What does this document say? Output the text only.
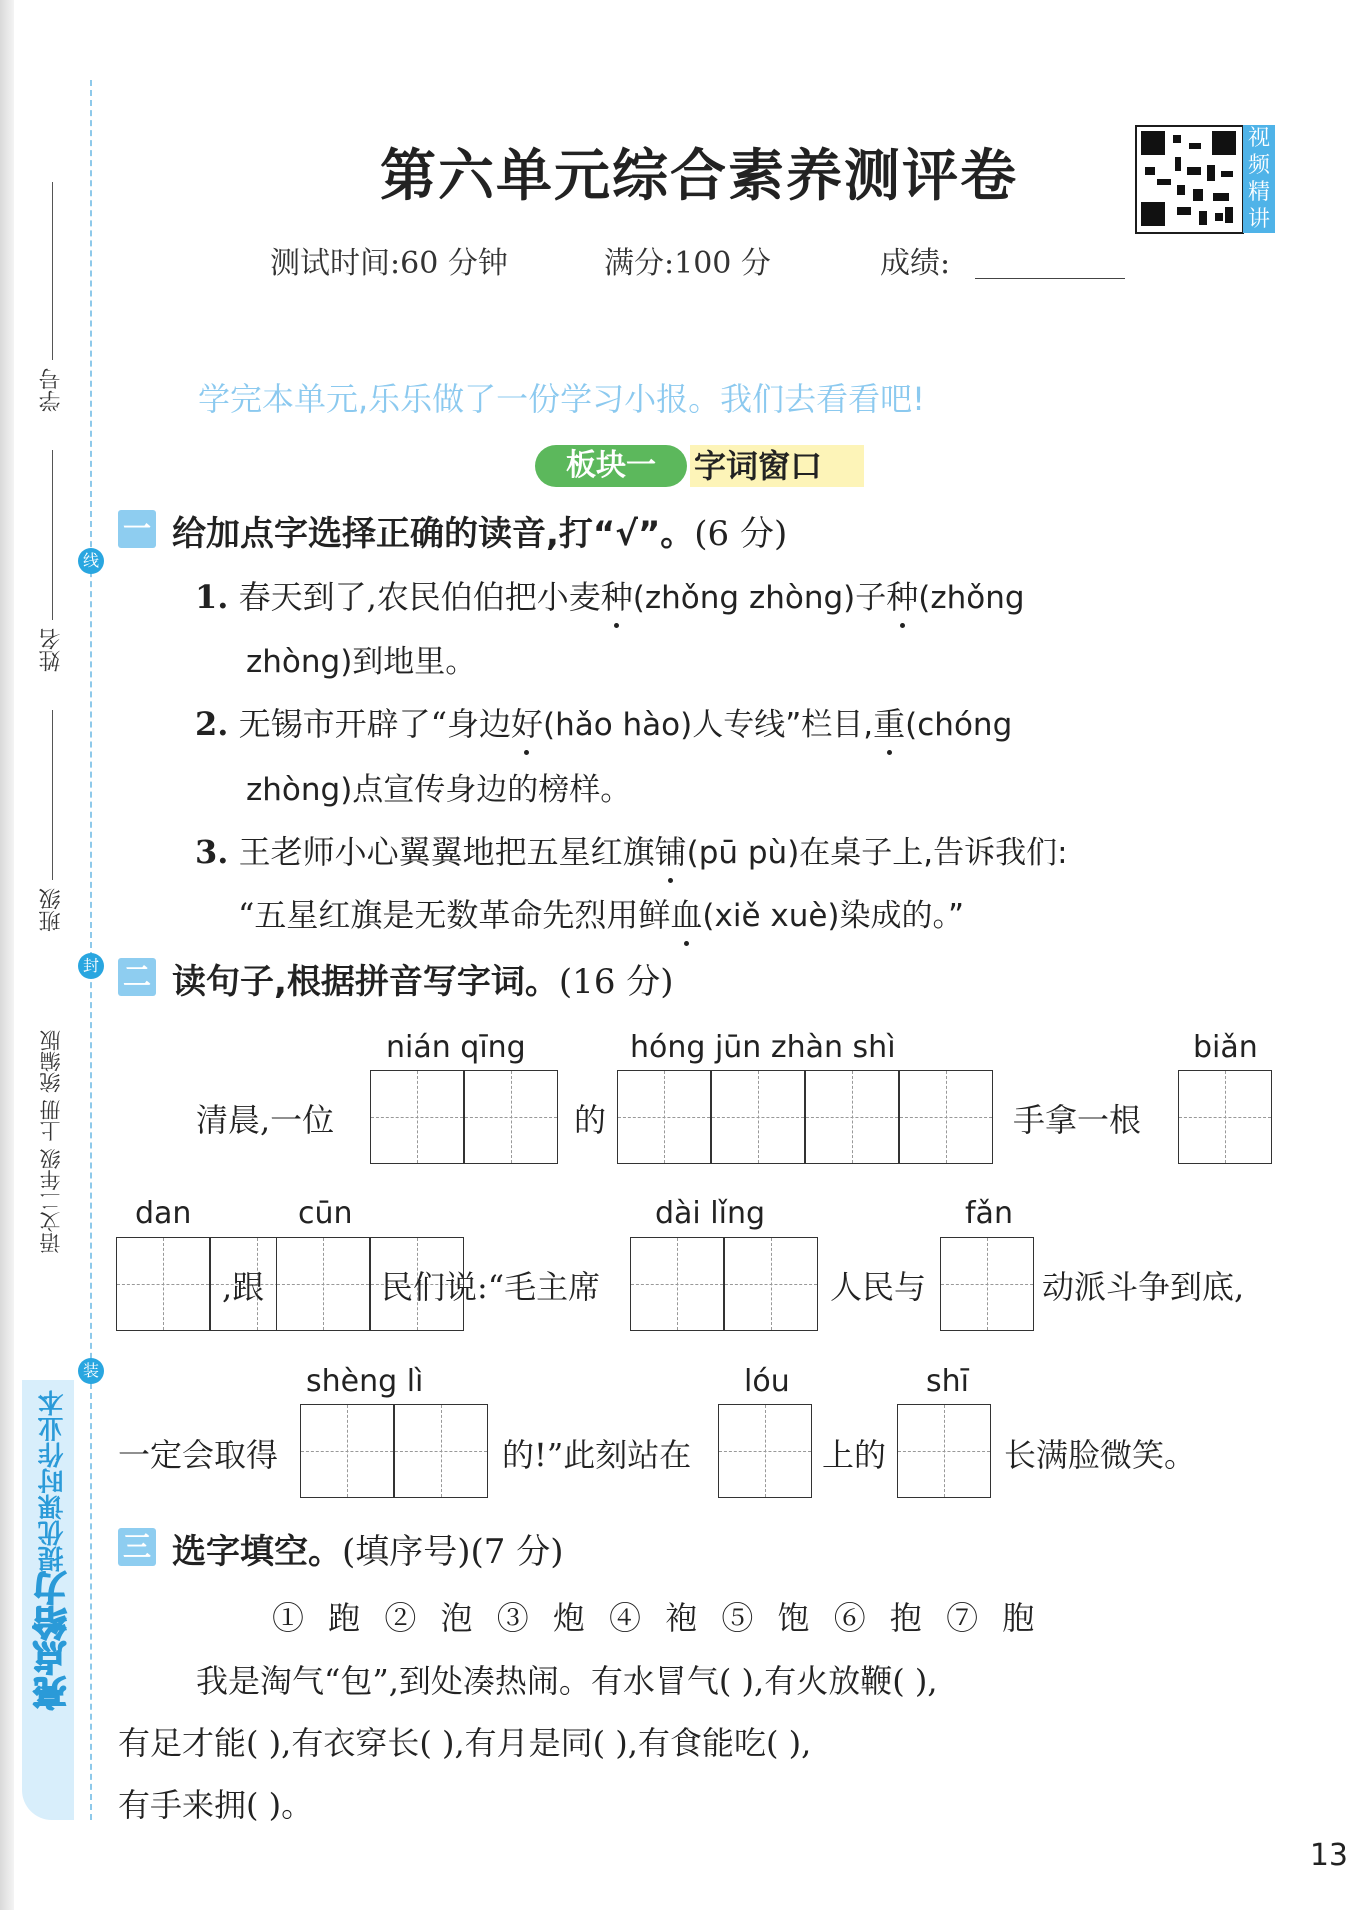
线
封
装
学号
姓名
班级
语文二年级 上册 统编版
提优课时作业本
亮点给力
第六单元综合素养测评卷
视频精讲
测试时间:60 分钟	满分:100 分	成绩:
学完本单元,乐乐做了一份学习小报。我们去看看吧!
板块一	字词窗口
一 给加点字选择正确的读音,打“√”。(6 分)
1. 春天到了,农民伯伯把小麦种(zhǒng zhòng)子种(zhǒng
zhòng)到地里。
2. 无锡市开辟了“身边好(hǎo hào)人专线”栏目,重(chóng
zhòng)点宣传身边的榜样。
3. 王老师小心翼翼地把五星红旗铺(pū pù)在桌子上,告诉我们:
“五星红旗是无数革命先烈用鲜血(xiě xuè)染成的。”
二 读句子,根据拼音写字词。(16 分)
nián qīng	hóng jūn zhàn shì	biǎn
清晨,一位	的	手拿一根
dan	cūn	dài lǐng	fǎn
,跟	民们说:“毛主席	人民与	动派斗争到底,
shèng lì	lóu	shī
一定会取得	的!”此刻站在	上的	长满脸微笑。
三 选字填空。(填序号)(7 分)
① 跑 ② 泡 ③ 炮 ④ 袍 ⑤ 饱 ⑥ 抱 ⑦ 胞
我是淘气“包”,到处凑热闹。有水冒气( ),有火放鞭( ),
有足才能( ),有衣穿长( ),有月是同( ),有食能吃( ),
有手来拥( )。
13
